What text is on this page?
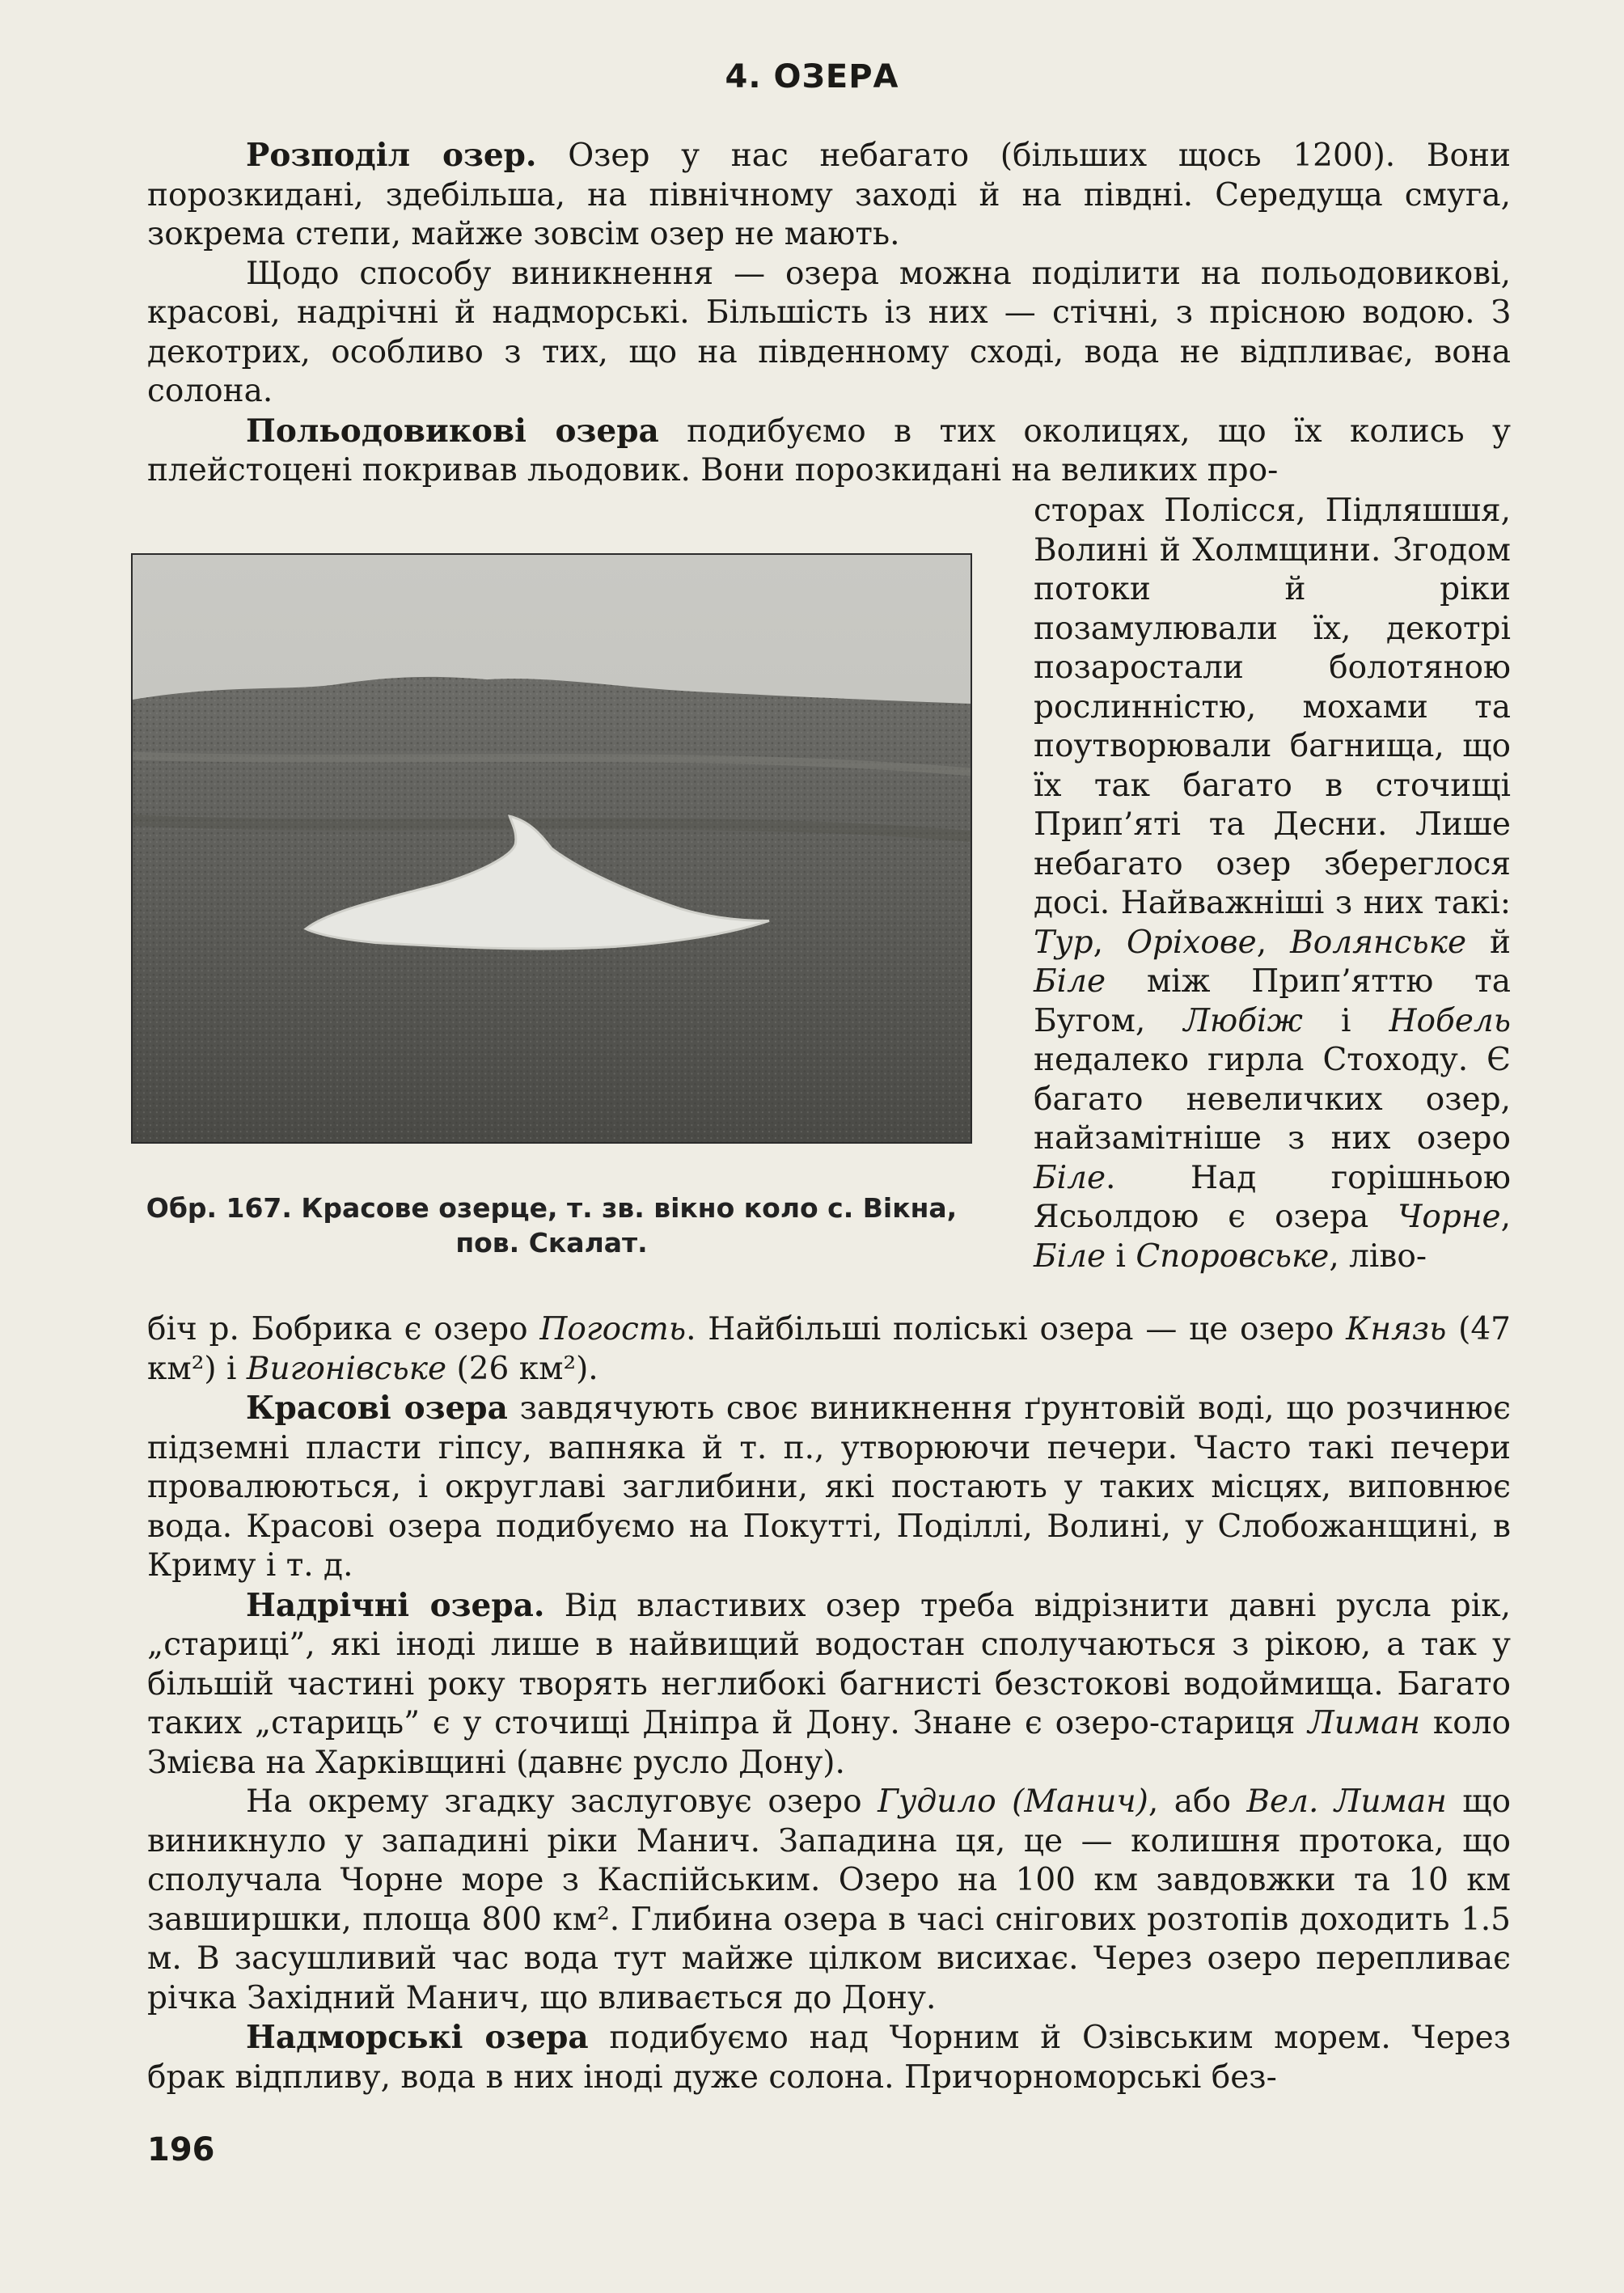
4. ОЗЕРА

Розподіл озер. Озер у нас небагато (більших щось 1200). Вони порозкидані, здебільша, на північному заході й на півдні. Середуща смуга, зокрема степи, майже зовсім озер не мають.

Щодо способу виникнення — озера можна поділити на польодовикові, красові, надрічні й надморські. Більшість із них — стічні, з прісною водою. З декотрих, особливо з тих, що на південному сході, вода не відпливає, вона солона.

Польодовикові озера подибуємо в тих околицях, що їх колись у плейстоцені покривав льодовик. Вони порозкидані на великих про-

Обр. 167. Красове озерце, т. зв. вікно коло с. Вікна,
пов. Скалат.

сторах Полісся, Підляшшя, Волині й Холмщини. Згодом потоки й ріки позамулювали їх, декотрі позаростали болотяною рослинністю, мохами та поутворювали багнища, що їх так багато в сточищі Прип’яті та Десни. Лише небагато озер збереглося досі. Найважніші з них такі: Тур, Оріхове, Волянське й Біле між Прип’яттю та Бугом, Любіж і Нобель недалеко гирла Стоходу. Є багато невеличких озер, найзамітніше з них озеро Біле. Над горішньою Ясьолдою є озера Чорне, Біле і Споровське, ліво-

біч р. Бобрика є озеро Погость. Найбільші поліські озера — це озеро Князь (47 км²) і Вигонівське (26 км²).

Красові озера завдячують своє виникнення ґрунтовій воді, що розчинює підземні пласти гіпсу, вапняка й т. п., утворюючи печери. Часто такі печери провалюються, і округлаві заглибини, які постають у таких місцях, виповнює вода. Красові озера подибуємо на Покутті, Поділлі, Волині, у Слобожанщині, в Криму і т. д.

Надрічні озера. Від властивих озер треба відрізнити давні русла рік, „стариці”, які іноді лише в найвищий водостан сполучаються з рікою, а так у більшій частині року творять неглибокі багнисті безстокові водоймища. Багато таких „стариць” є у сточищі Дніпра й Дону. Знане є озеро-стариця Лиман коло Змієва на Харківщині (давнє русло Дону).

На окрему згадку заслуговує озеро Гудило (Манич), або Вел. Лиман що виникнуло у западині ріки Манич. Западина ця, це — колишня протока, що сполучала Чорне море з Каспійським. Озеро на 100 км завдовжки та 10 км завширшки, площа 800 км². Глибина озера в часі снігових розтопів доходить 1.5 м. В засушливий час вода тут майже цілком висихає. Через озеро перепливає річка Західний Манич, що вливається до Дону.

Надморські озера подибуємо над Чорним й Озівським морем. Через брак відпливу, вода в них іноді дуже солона. Причорноморські без-

196
